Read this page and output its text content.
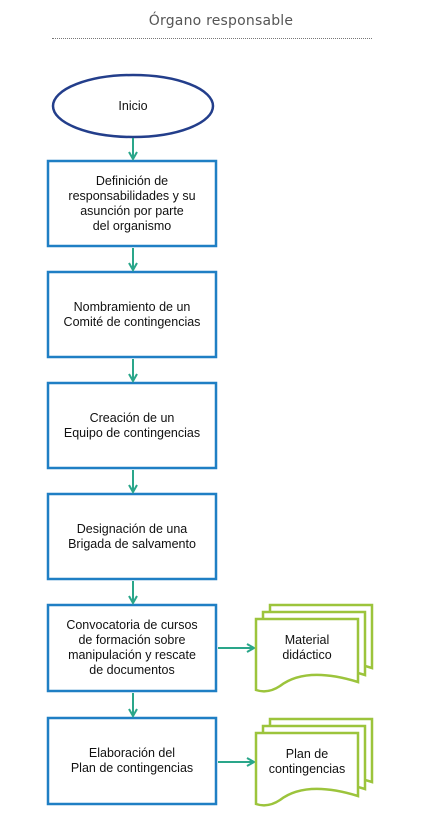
Órgano responsable
Inicio
Definición de
responsabilidades y su
asunción por parte
del organismo
Nombramiento de un
Comité de contingencias
Creación de un
Equipo de contingencias
Designación de una
Brigada de salvamento
Convocatoria de cursos
de formación sobre
manipulación y rescate
de documentos
Elaboración del
Plan de contingencias
Material
didáctico
Plan de
contingencias
